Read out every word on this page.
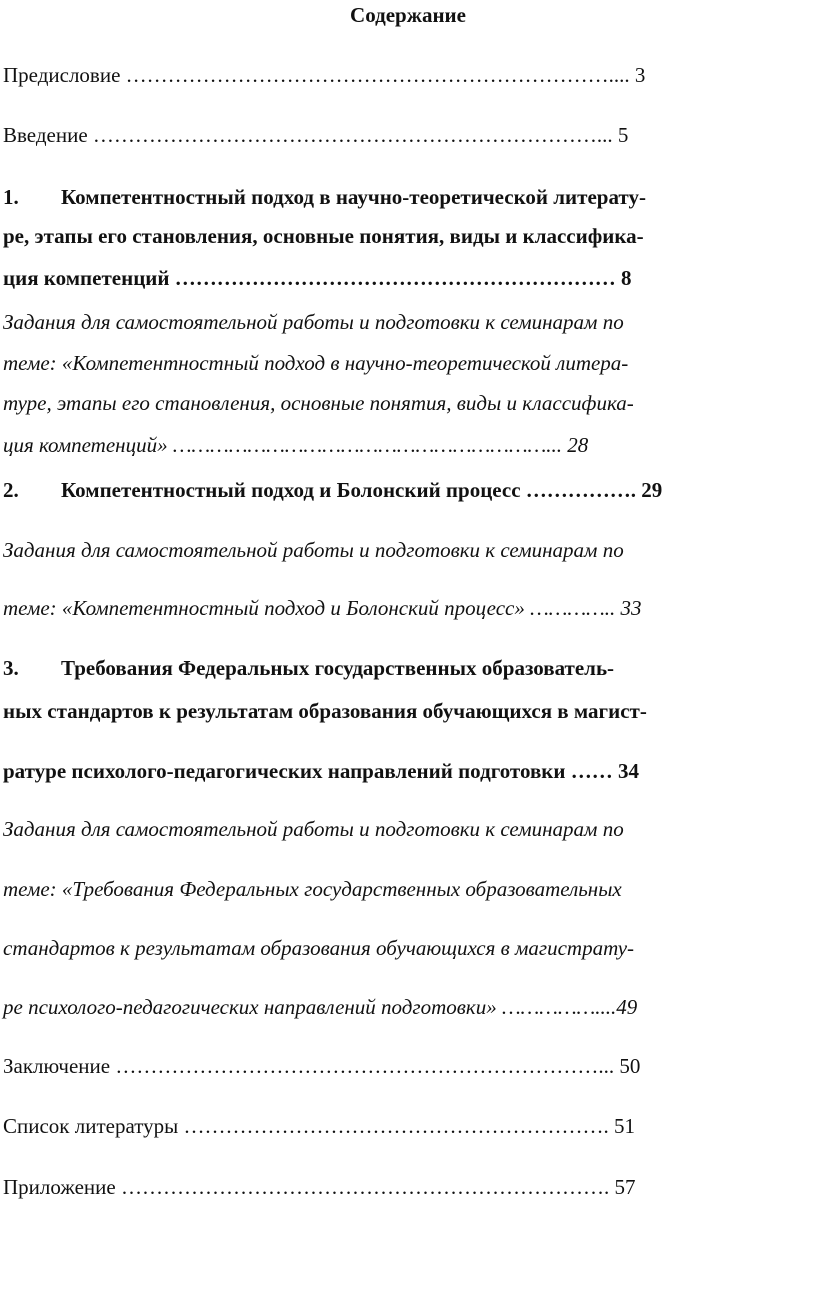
Содержание
Предисловие …………………………………………………………….... 3
Введение ………………………………………………………………... 5
1. Компетентностный подход в научно-теоретической литерату-
ре, этапы его становления, основные понятия, виды и классифика-
ция компетенций ……………………………………………………… 8
Задания для самостоятельной работы и подготовки к семинарам по
теме: «Компетентностный подход в научно-теоретической литера-
туре, этапы его становления, основные понятия, виды и классифика-
ция компетенций» ……………………………………………………... 28
2. Компетентностный подход и Болонский процесс ……………. 29
Задания для самостоятельной работы и подготовки к семинарам по
теме: «Компетентностный подход и Болонский процесс» ………….. 33
3. Требования Федеральных государственных образователь-
ных стандартов к результатам образования обучающихся в магист-
ратуре психолого-педагогических направлений подготовки …… 34
Задания для самостоятельной работы и подготовки к семинарам по
теме: «Требования Федеральных государственных образовательных
стандартов к результатам образования обучающихся в магистрату-
ре психолого-педагогических направлений подготовки» ……………....49
Заключение ……………………………………………………………... 50
Список литературы ……………………………………………………. 51
Приложение ……………………………………………………………. 57
